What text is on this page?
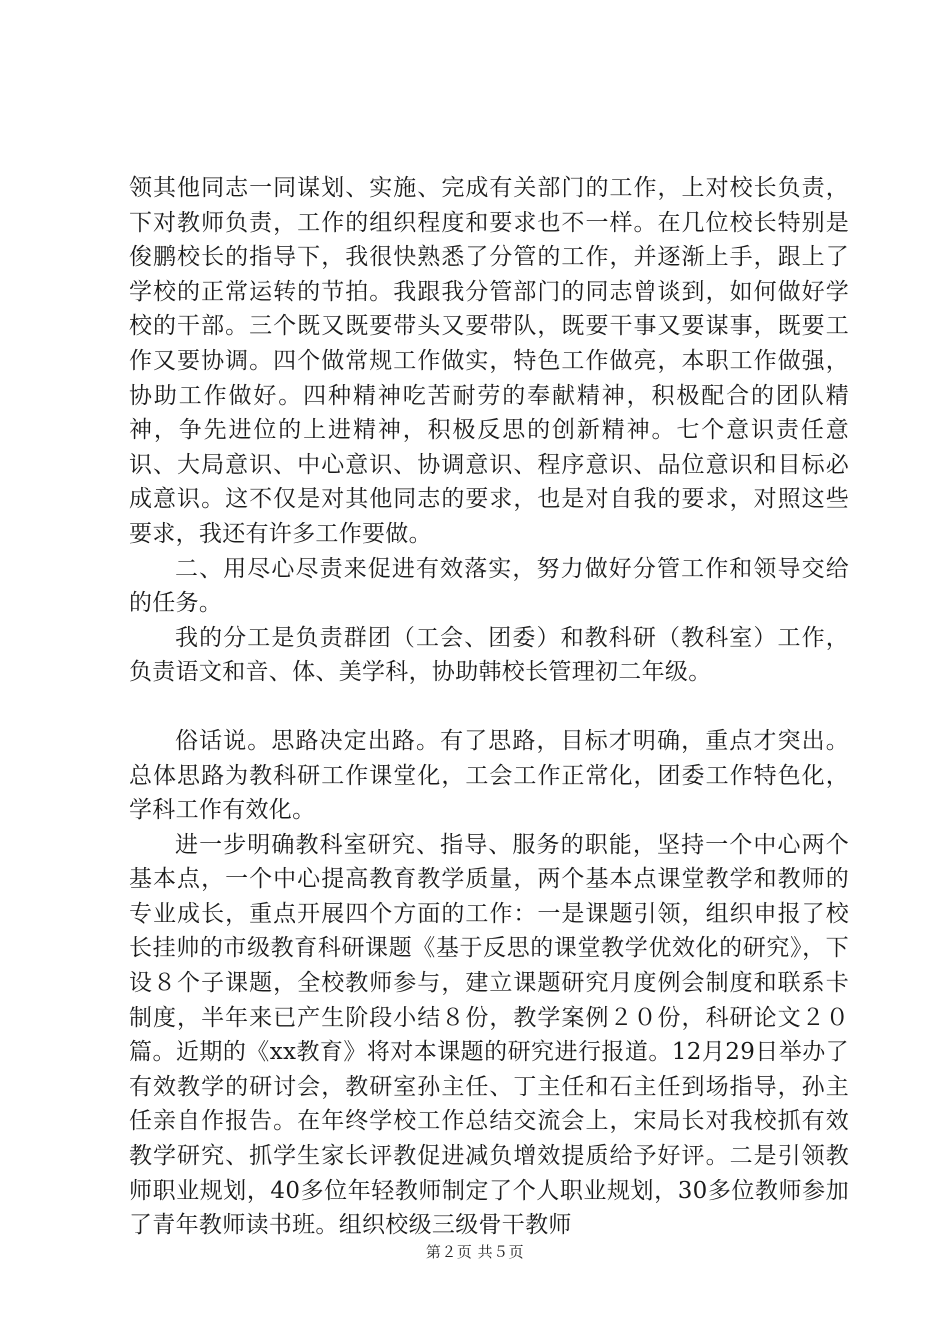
领其他同志一同谋划、实施、完成有关部门的工作，上对校长负责，下对教师负责，工作的组织程度和要求也不一样。在几位校长特别是俊鹏校长的指导下，我很快熟悉了分管的工作，并逐渐上手，跟上了学校的正常运转的节拍。我跟我分管部门的同志曾谈到，如何做好学校的干部。三个既又既要带头又要带队，既要干事又要谋事，既要工作又要协调。四个做常规工作做实，特色工作做亮，本职工作做强，协助工作做好。四种精神吃苦耐劳的奉献精神，积极配合的团队精神，争先进位的上进精神，积极反思的创新精神。七个意识责任意识、大局意识、中心意识、协调意识、程序意识、品位意识和目标必成意识。这不仅是对其他同志的要求，也是对自我的要求，对照这些要求，我还有许多工作要做。

二、用尽心尽责来促进有效落实，努力做好分管工作和领导交给的任务。

我的分工是负责群团（工会、团委）和教科研（教科室）工作，负责语文和音、体、美学科，协助韩校长管理初二年级。

俗话说。思路决定出路。有了思路，目标才明确，重点才突出。总体思路为教科研工作课堂化，工会工作正常化，团委工作特色化，学科工作有效化。

进一步明确教科室研究、指导、服务的职能，坚持一个中心两个基本点，一个中心提高教育教学质量，两个基本点课堂教学和教师的专业成长，重点开展四个方面的工作：一是课题引领，组织申报了校长挂帅的市级教育科研课题《基于反思的课堂教学优效化的研究》，下设８个子课题，全校教师参与，建立课题研究月度例会制度和联系卡制度，半年来已产生阶段小结８份，教学案例２０份，科研论文２０篇。近期的《xx教育》将对本课题的研究进行报道。12月29日举办了有效教学的研讨会，教研室孙主任、丁主任和石主任到场指导，孙主任亲自作报告。在年终学校工作总结交流会上，宋局长对我校抓有效教学研究、抓学生家长评教促进减负增效提质给予好评。二是引领教师职业规划，40多位年轻教师制定了个人职业规划，30多位教师参加了青年教师读书班。组织校级三级骨干教师

第２页 共５页
